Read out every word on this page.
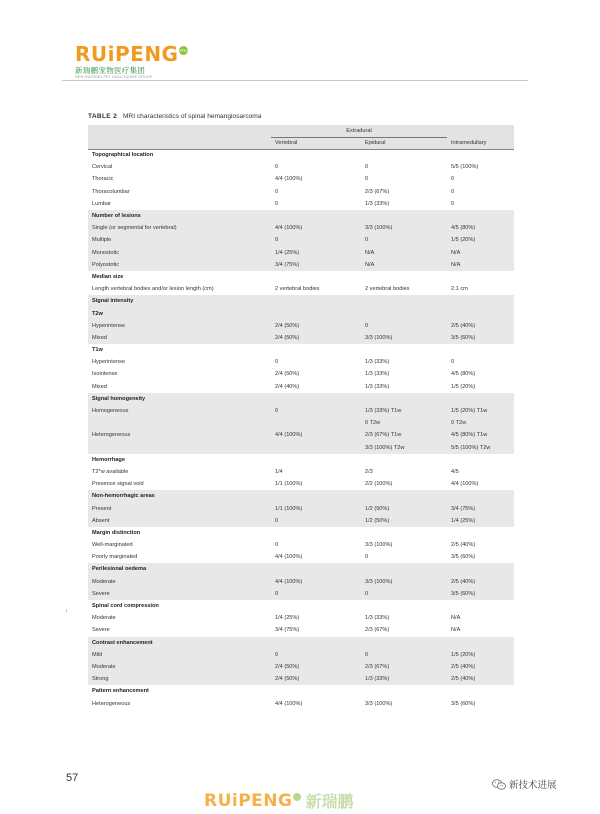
RUiPENGPRO
新瑞鹏宠物医疗集团
NEW RUIPENG PET HEALTHCARE GROUP
TABLE 2 MRI characteristics of spinal hemangiosarcoma
	Extradural		
	Vertebral	Epidural	Intramedullary
Topographical location			
Cervical	0	0	5/5 (100%)
Thoracic	4/4 (100%)	0	0
Thoracolumbar	0	2/3 (67%)	0
Lumbar	0	1/3 (33%)	0
Number of lesions			
Single (or segmental for vertebral)	4/4 (100%)	3/3 (100%)	4/5 (80%)
Multiple	0	0	1/5 (20%)
Monostotic	1/4 (25%)	N/A	N/A
Polyostotic	3/4 (75%)	N/A	N/A
Median size			
Length vertebral bodies and/or lesion length (cm)	2 vertebral bodies	2 vertebral bodies	2.1 cm
Signal intensity			
T2w			
Hyperintense	2/4 (50%)	0	2/5 (40%)
Mixed	2/4 (50%)	3/3 (100%)	3/5 (60%)
T1w			
Hyperintense	0	1/3 (33%)	0
Isointense	2/4 (50%)	1/3 (33%)	4/5 (80%)
Mixed	2/4 (40%)	1/3 (33%)	1/5 (20%)
Signal homogeneity			
Homogeneous	0	1/3 (33%) T1w	1/5 (20%) T1w
		0 T2w	0 T2w
Heterogeneous	4/4 (100%)	2/3 (67%) T1w	4/5 (80%) T1w
		3/3 (100%) T2w	5/5 (100%) T2w
Hemorrhage			
T2*w available	1/4	2/3	4/5
Presence signal void	1/1 (100%)	2/2 (100%)	4/4 (100%)
Non-hemorrhagic areas			
Present	1/1 (100%)	1/2 (50%)	3/4 (75%)
Absent	0	1/2 (50%)	1/4 (25%)
Margin distinction			
Well-marginated	0	3/3 (100%)	2/5 (40%)
Poorly marginated	4/4 (100%)	0	3/5 (60%)
Perilesional oedema			
Moderate	4/4 (100%)	3/3 (100%)	2/5 (40%)
Severe	0	0	3/5 (60%)
Spinal cord compression			
Moderate	1/4 (25%)	1/3 (33%)	N/A
Severe	3/4 (75%)	2/3 (67%)	N/A
Contrast enhancement			
Mild	0	0	1/5 (20%)
Moderate	2/4 (50%)	2/3 (67%)	2/5 (40%)
Strong	2/4 (50%)	1/3 (33%)	2/5 (40%)
Pattern enhancement			
Heterogeneous	4/4 (100%)	3/3 (100%)	3/5 (60%)
ı
57
新技术进展
RUiPENG 新瑞鹏
